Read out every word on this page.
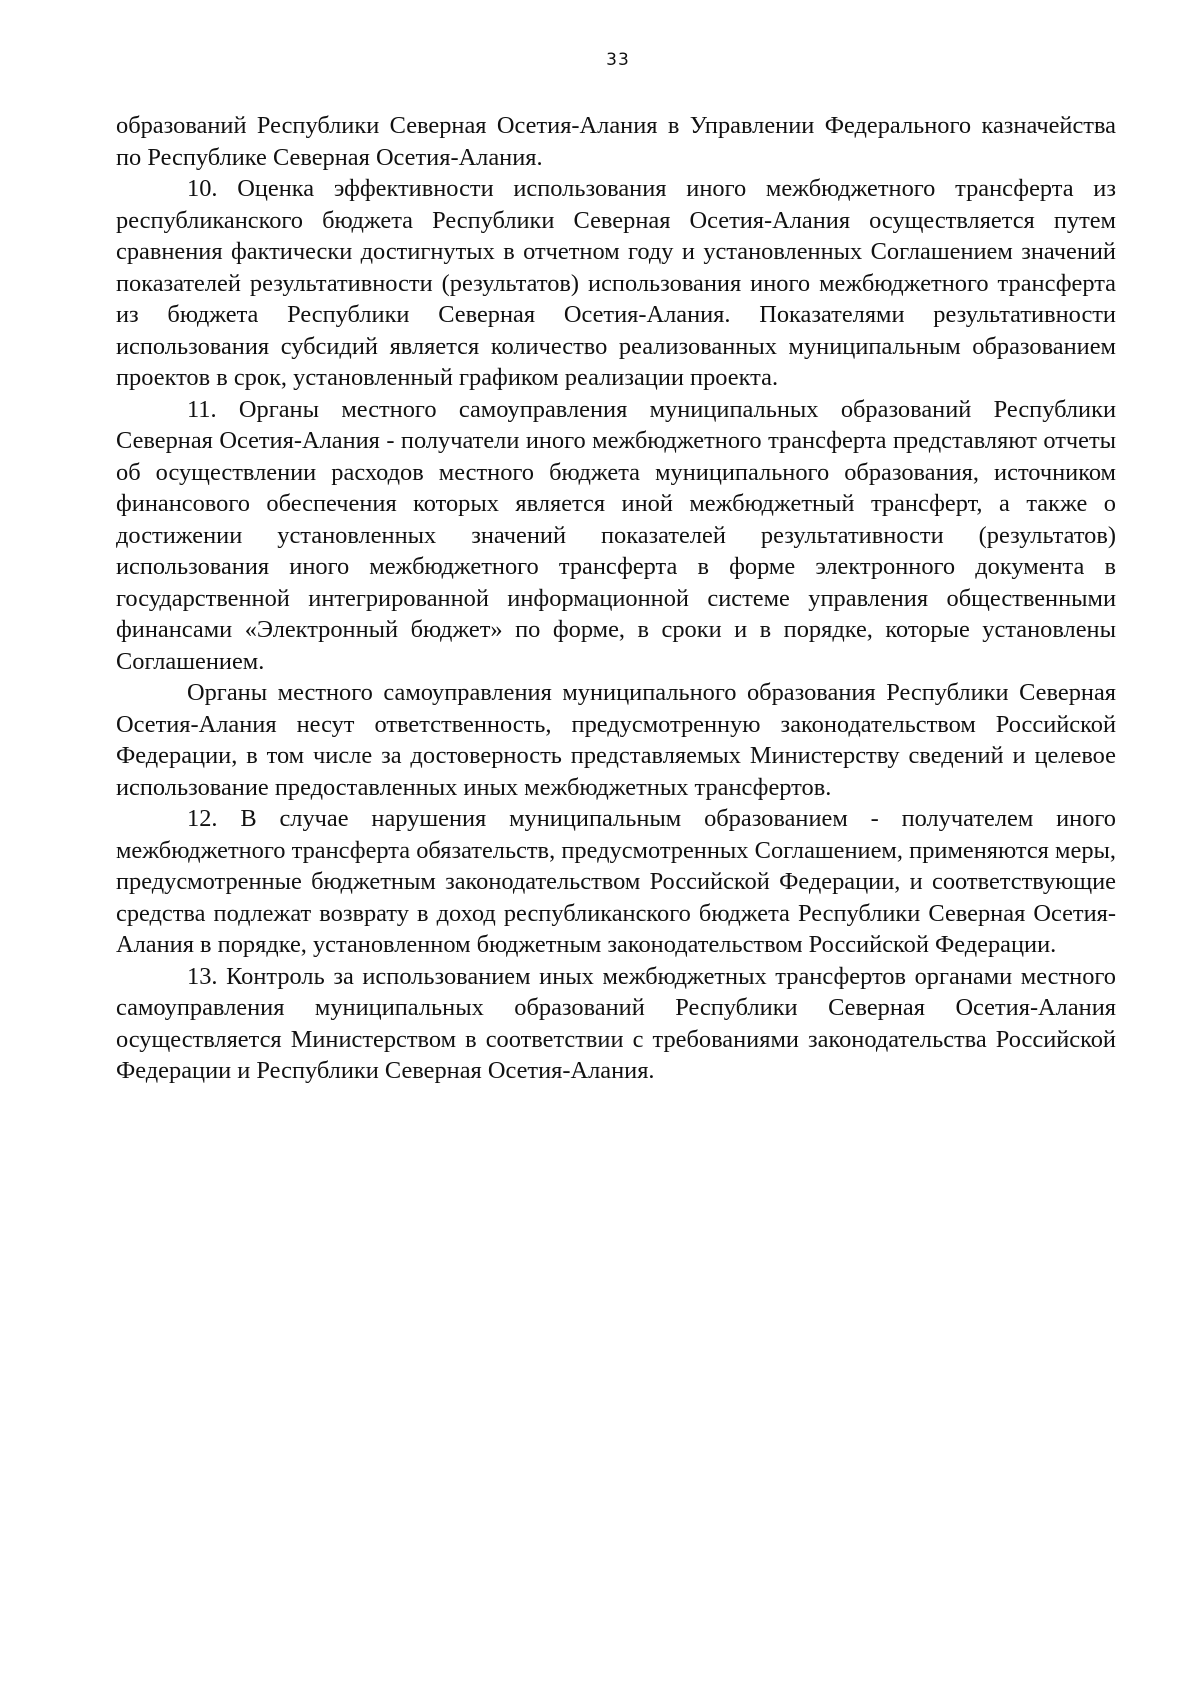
33

образований Республики Северная Осетия-Алания в Управлении Федерального казначейства по Республике Северная Осетия-Алания.

10. Оценка эффективности использования иного межбюджетного трансферта из республиканского бюджета Республики Северная Осетия-Алания осуществляется путем сравнения фактически достигнутых в отчетном году и установленных Соглашением значений показателей результативности (результатов) использования иного межбюджетного трансферта из бюджета Республики Северная Осетия-Алания. Показателями результативности использования субсидий является количество реализованных муниципальным образованием проектов в срок, установленный графиком реализации проекта.

11. Органы местного самоуправления муниципальных образований Республики Северная Осетия-Алания - получатели иного межбюджетного трансферта представляют отчеты об осуществлении расходов местного бюджета муниципального образования, источником финансового обеспечения которых является иной межбюджетный трансферт, а также о достижении установленных значений показателей результативности (результатов) использования иного межбюджетного трансферта в форме электронного документа в государственной интегрированной информационной системе управления общественными финансами «Электронный бюджет» по форме, в сроки и в порядке, которые установлены Соглашением.

Органы местного самоуправления муниципального образования Республики Северная Осетия-Алания несут ответственность, предусмотренную законодательством Российской Федерации, в том числе за достоверность представляемых Министерству сведений и целевое использование предоставленных иных межбюджетных трансфертов.

12. В случае нарушения муниципальным образованием - получателем иного межбюджетного трансферта обязательств, предусмотренных Соглашением, применяются меры, предусмотренные бюджетным законодательством Российской Федерации, и соответствующие средства подлежат возврату в доход республиканского бюджета Республики Северная Осетия-Алания в порядке, установленном бюджетным законодательством Российской Федерации.

13. Контроль за использованием иных межбюджетных трансфертов органами местного самоуправления муниципальных образований Республики Северная Осетия-Алания осуществляется Министерством в соответствии с требованиями законодательства Российской Федерации и Республики Северная Осетия-Алания.
